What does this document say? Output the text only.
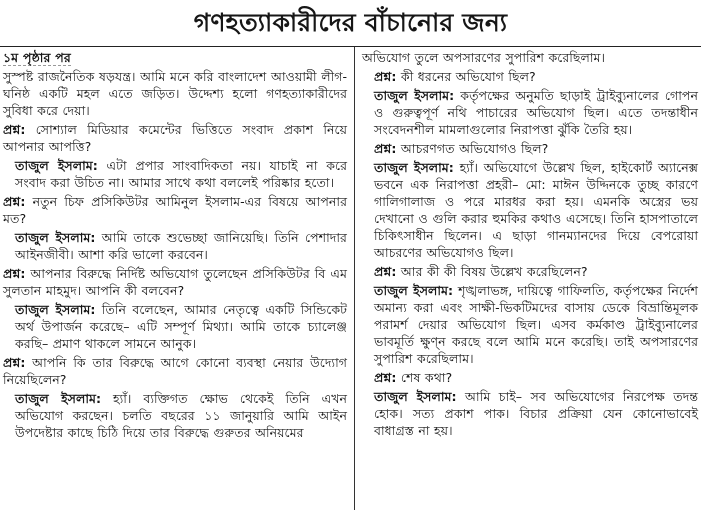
গণহত্যাকারীদের বাঁচানোর জন্য

১ম পৃষ্ঠার পর

সুস্পষ্ট রাজনৈতিক ষড়যন্ত্র। আমি মনে করি বাংলাদেশ আওয়ামী লীগ-ঘনিষ্ঠ একটি মহল এতে জড়িত। উদ্দেশ্য হলো গণহত্যাকারীদের সুবিধা করে দেয়া।

প্রশ্ন: সোশ্যাল মিডিয়ার কমেন্টের ভিত্তিতে সংবাদ প্রকাশ নিয়ে আপনার আপত্তি?

তাজুল ইসলাম: এটা প্রপার সাংবাদিকতা নয়। যাচাই না করে সংবাদ করা উচিত না। আমার সাথে কথা বললেই পরিষ্কার হতো।

প্রশ্ন: নতুন চিফ প্রসিকিউটর আমিনুল ইসলাম-এর বিষয়ে আপনার মত?

তাজুল ইসলাম: আমি তাকে শুভেচ্ছা জানিয়েছি। তিনি পেশাদার আইনজীবী। আশা করি ভালো করবেন।

প্রশ্ন: আপনার বিরুদ্ধে নির্দিষ্ট অভিযোগ তুলেছেন প্রসিকিউটর বি এম সুলতান মাহমুদ। আপনি কী বলবেন?

তাজুল ইসলাম: তিনি বলেছেন, আমার নেতৃত্বে একটি সিন্ডিকেট অর্থ উপার্জন করেছে– এটি সম্পূর্ণ মিথ্যা। আমি তাকে চ্যালেঞ্জ করছি– প্রমাণ থাকলে সামনে আনুক।

প্রশ্ন: আপনি কি তার বিরুদ্ধে আগে কোনো ব্যবস্থা নেয়ার উদ্যোগ নিয়েছিলেন?

তাজুল ইসলাম: হ্যাঁ। ব্যক্তিগত ক্ষোভ থেকেই তিনি এখন অভিযোগ করছেন। চলতি বছরের ১১ জানুয়ারি আমি আইন উপদেষ্টার কাছে চিঠি দিয়ে তার বিরুদ্ধে গুরুতর অনিয়মের

অভিযোগ তুলে অপসারণের সুপারিশ করেছিলাম।

প্রশ্ন: কী ধরনের অভিযোগ ছিল?

তাজুল ইসলাম: কর্তৃপক্ষের অনুমতি ছাড়াই ট্রাইব্যুনালের গোপন ও গুরুত্বপূর্ণ নথি পাচারের অভিযোগ ছিল। এতে তদন্তাধীন সংবেদনশীল মামলাগুলোর নিরাপত্তা ঝুঁকি তৈরি হয়।

প্রশ্ন: আচরণগত অভিযোগও ছিল?

তাজুল ইসলাম: হ্যাঁ। অভিযোগে উল্লেখ ছিল, হাইকোর্ট অ্যানেক্স ভবনে এক নিরাপত্তা প্রহরী– মো: মাঈন উদ্দিনকে তুচ্ছ কারণে গালিগালাজ ও পরে মারধর করা হয়। এমনকি অস্ত্রের ভয় দেখানো ও গুলি করার হুমকির কথাও এসেছে। তিনি হাসপাতালে চিকিৎসাধীন ছিলেন। এ ছাড়া গানম্যানদের দিয়ে বেপরোয়া আচরণের অভিযোগও ছিল।

প্রশ্ন: আর কী কী বিষয় উল্লেখ করেছিলেন?

তাজুল ইসলাম: শৃঙ্খলাভঙ্গ, দায়িত্বে গাফিলতি, কর্তৃপক্ষের নির্দেশ অমান্য করা এবং সাক্ষী-ভিকটিমদের বাসায় ডেকে বিভ্রান্তিমূলক পরামর্শ দেয়ার অভিযোগ ছিল। এসব কর্মকাণ্ড ট্রাইব্যুনালের ভাবমূর্তি ক্ষুণ্ন করছে বলে আমি মনে করেছি। তাই অপসারণের সুপারিশ করেছিলাম।

প্রশ্ন: শেষ কথা?

তাজুল ইসলাম: আমি চাই– সব অভিযোগের নিরপেক্ষ তদন্ত হোক। সত্য প্রকাশ পাক। বিচার প্রক্রিয়া যেন কোনোভাবেই বাধাগ্রস্ত না হয়।
